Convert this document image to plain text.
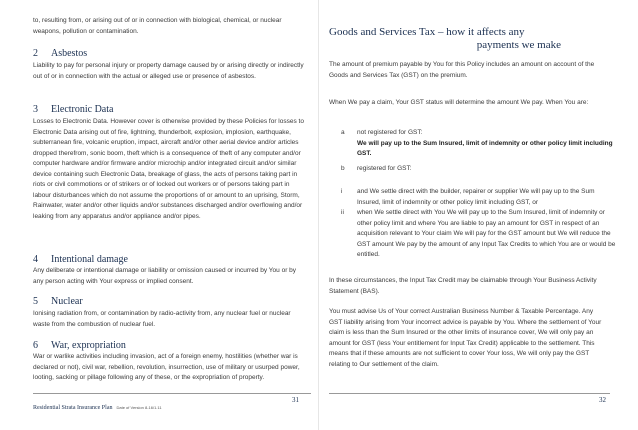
to, resulting from, or arising out of or in connection with biological, chemical, or nuclear weapons, pollution or contamination.

2 Asbestos

Liability to pay for personal injury or property damage caused by or arising directly or indirectly out of or in connection with the actual or alleged use or presence of asbestos.

3 Electronic Data

Losses to Electronic Data. However cover is otherwise provided by these Policies for losses to Electronic Data arising out of fire, lightning, thunderbolt, explosion, implosion, earthquake, subterranean fire, volcanic eruption, impact, aircraft and/or other aerial device and/or articles dropped therefrom, sonic boom, theft which is a consequence of theft of any computer and/or computer hardware and/or firmware and/or microchip and/or integrated circuit and/or similar device containing such Electronic Data, breakage of glass, the acts of persons taking part in riots or civil commotions or of strikers or of locked out workers or of persons taking part in labour disturbances which do not assume the proportions of or amount to an uprising, Storm, Rainwater, water and/or other liquids and/or substances discharged and/or overflowing and/or leaking from any apparatus and/or appliance and/or pipes.

4 Intentional damage

Any deliberate or intentional damage or liability or omission caused or incurred by You or by any person acting with Your express or implied consent.

5 Nuclear

Ionising radiation from, or contamination by radio-activity from, any nuclear fuel or nuclear waste from the combustion of nuclear fuel.

6 War, expropriation

War or warlike activities including invasion, act of a foreign enemy, hostilities (whether war is declared or not), civil war, rebellion, revolution, insurrection, use of military or usurped power, looting, sacking or pillage following any of these, or the expropriation of property.

Residential Strata Insurance Plan Date of Version 8-16/1.11
31
Goods and Services Tax – how it affects any
payments we make

The amount of premium payable by You for this Policy includes an amount on account of the Goods and Services Tax (GST) on the premium.

When We pay a claim, Your GST status will determine the amount We pay. When You are:

a	not registered for GST:

We will pay up to the Sum Insured, limit of indemnity or other policy limit including GST.

b	registered for GST:

i	and We settle direct with the builder, repairer or supplier We will pay up to the Sum Insured, limit of indemnity or other policy limit including GST, or

ii	when We settle direct with You We will pay up to the Sum Insured, limit of indemnity or other policy limit and where You are liable to pay an amount for GST in respect of an acquisition relevant to Your claim We will pay for the GST amount but We will reduce the GST amount We pay by the amount of any Input Tax Credits to which You are or would be entitled.

In these circumstances, the Input Tax Credit may be claimable through Your Business Activity Statement (BAS).

You must advise Us of Your correct Australian Business Number & Taxable Percentage. Any GST liability arising from Your incorrect advice is payable by You. Where the settlement of Your claim is less than the Sum Insured or the other limits of insurance cover, We will only pay an amount for GST (less Your entitlement for Input Tax Credit) applicable to the settlement. This means that if these amounts are not sufficient to cover Your loss, We will only pay the GST relating to Our settlement of the claim.

32
